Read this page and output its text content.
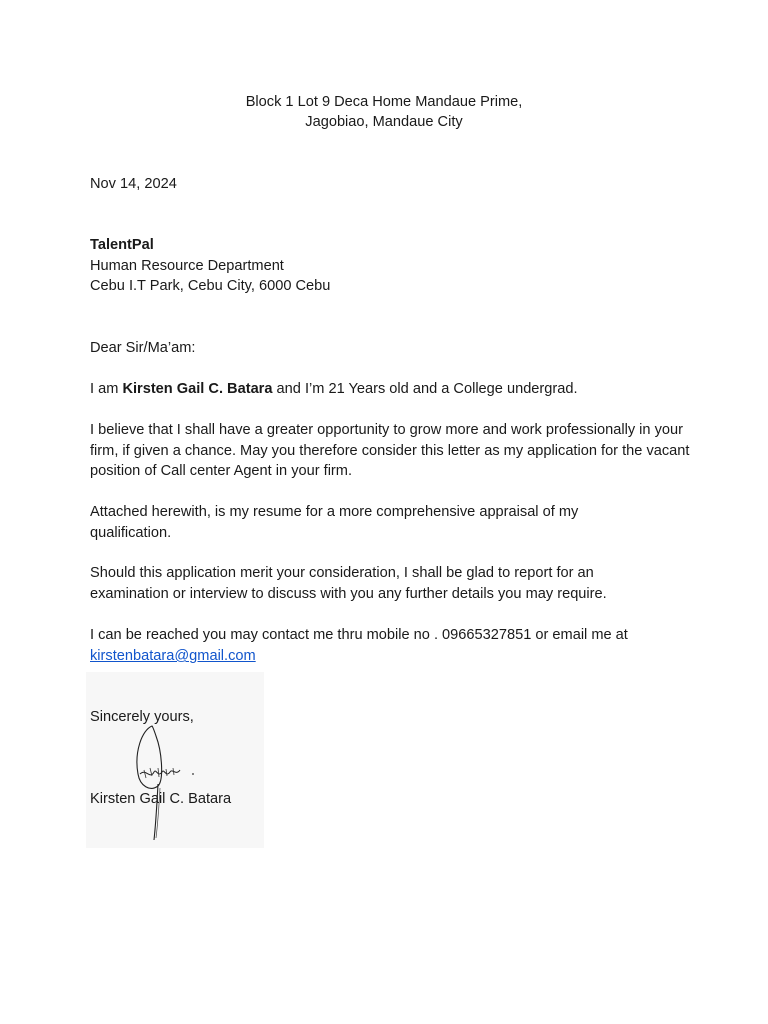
Block 1 Lot 9 Deca Home Mandaue Prime,
Jagobiao, Mandaue City
Nov 14, 2024
TalentPal
Human Resource Department
Cebu I.T Park, Cebu City, 6000 Cebu
Dear Sir/Ma’am:
I am Kirsten Gail C. Batara and I’m 21 Years old and a College undergrad.
I believe that I shall have a greater opportunity to grow more and work professionally in your firm, if given a chance. May you therefore consider this letter as my application for the vacant position of Call center Agent in your firm.
Attached herewith, is my resume for a more comprehensive appraisal of my qualification.
Should this application merit your consideration, I shall be glad to report for an examination or interview to discuss with you any further details you may require.
I can be reached you may contact me thru mobile no . 09665327851 or email me at
kirstenbatara@gmail.com
Sincerely yours,
Kirsten Gail C. Batara
